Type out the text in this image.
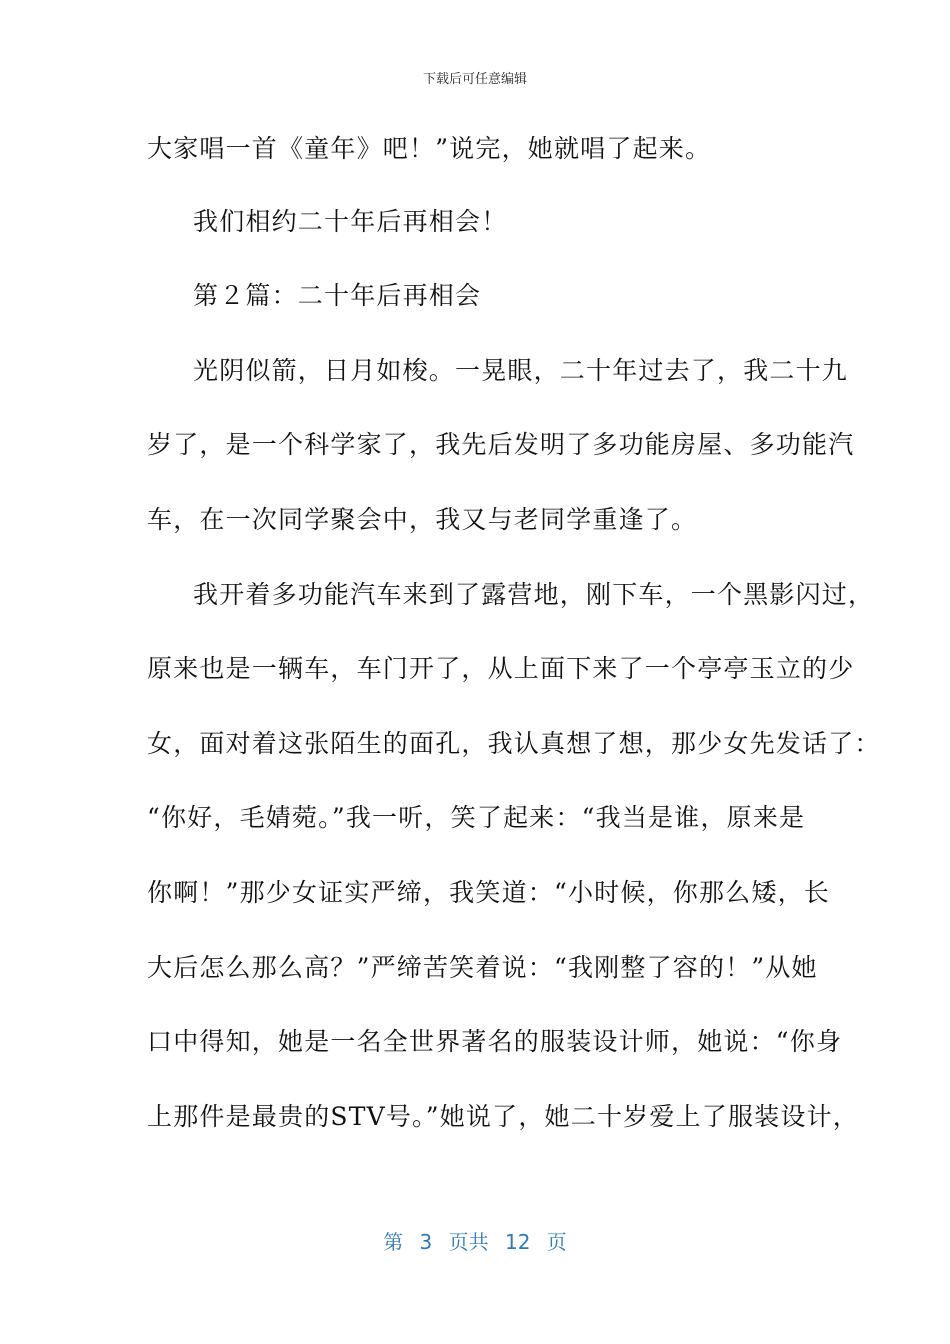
下载后可任意编辑
大家唱一首《童年》吧！”说完，她就唱了起来。
我们相约二十年后再相会！
第２篇：二十年后再相会
光阴似箭，日月如梭。一晃眼，二十年过去了，我二十九
岁了，是一个科学家了，我先后发明了多功能房屋、多功能汽
车，在一次同学聚会中，我又与老同学重逢了。
我开着多功能汽车来到了露营地，刚下车，一个黑影闪过，
原来也是一辆车，车门开了，从上面下来了一个亭亭玉立的少
女，面对着这张陌生的面孔，我认真想了想，那少女先发话了：
“你好，毛婧菀。”我一听，笑了起来：“我当是谁，原来是
你啊！”那少女证实严缔，我笑道：“小时候，你那么矮，长
大后怎么那么高？”严缔苦笑着说：“我刚整了容的！”从她
口中得知，她是一名全世界著名的服装设计师，她说：“你身
上那件是最贵的STV号。”她说了，她二十岁爱上了服装设计，
第 3 页共 12 页
